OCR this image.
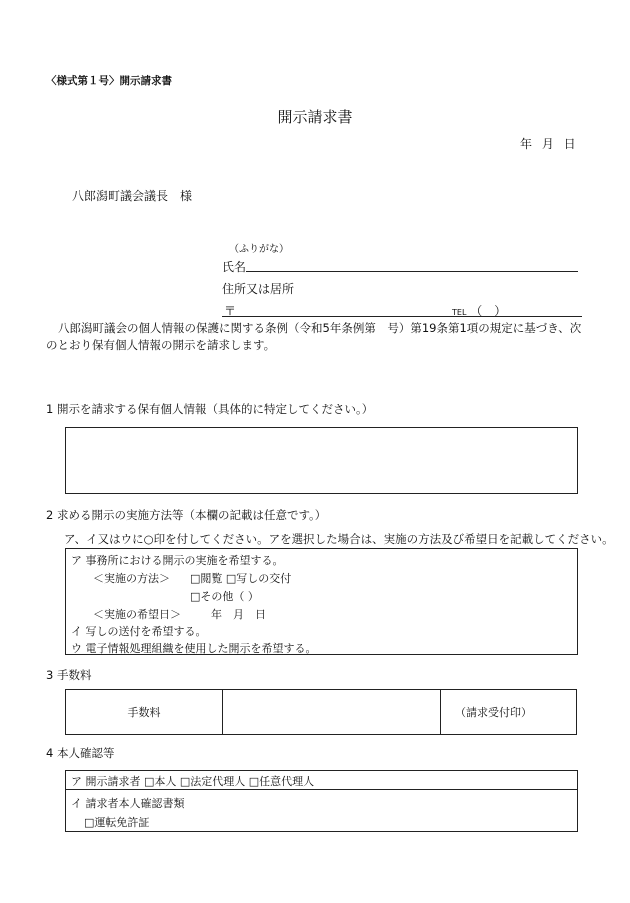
〈様式第１号〉開示請求書
開示請求書
年 月 日
八郎潟町議会議長　様
（ふりがな）
氏名
住所又は居所
〒	TEL （　）
八郎潟町議会の個人情報の保護に関する条例（令和5年条例第　号）第19条第1項の規定に基づき、次のとおり保有個人情報の開示を請求します。
1 開示を請求する保有個人情報（具体的に特定してください。）
2 求める開示の実施方法等（本欄の記載は任意です。）
ア、イ又はウに○印を付してください。アを選択した場合は、実施の方法及び希望日を記載してください。
ア 事務所における開示の実施を希望する。
＜実施の方法＞ □閲覧 □写しの交付
□その他（ ）
＜実施の希望日＞	年　月　日
イ 写しの送付を希望する。
ウ 電子情報処理組織を使用した開示を希望する。
3 手数料
手数料		（請求受付印）
4 本人確認等
ア 開示請求者 □本人 □法定代理人 □任意代理人
イ 請求者本人確認書類
□運転免許証
